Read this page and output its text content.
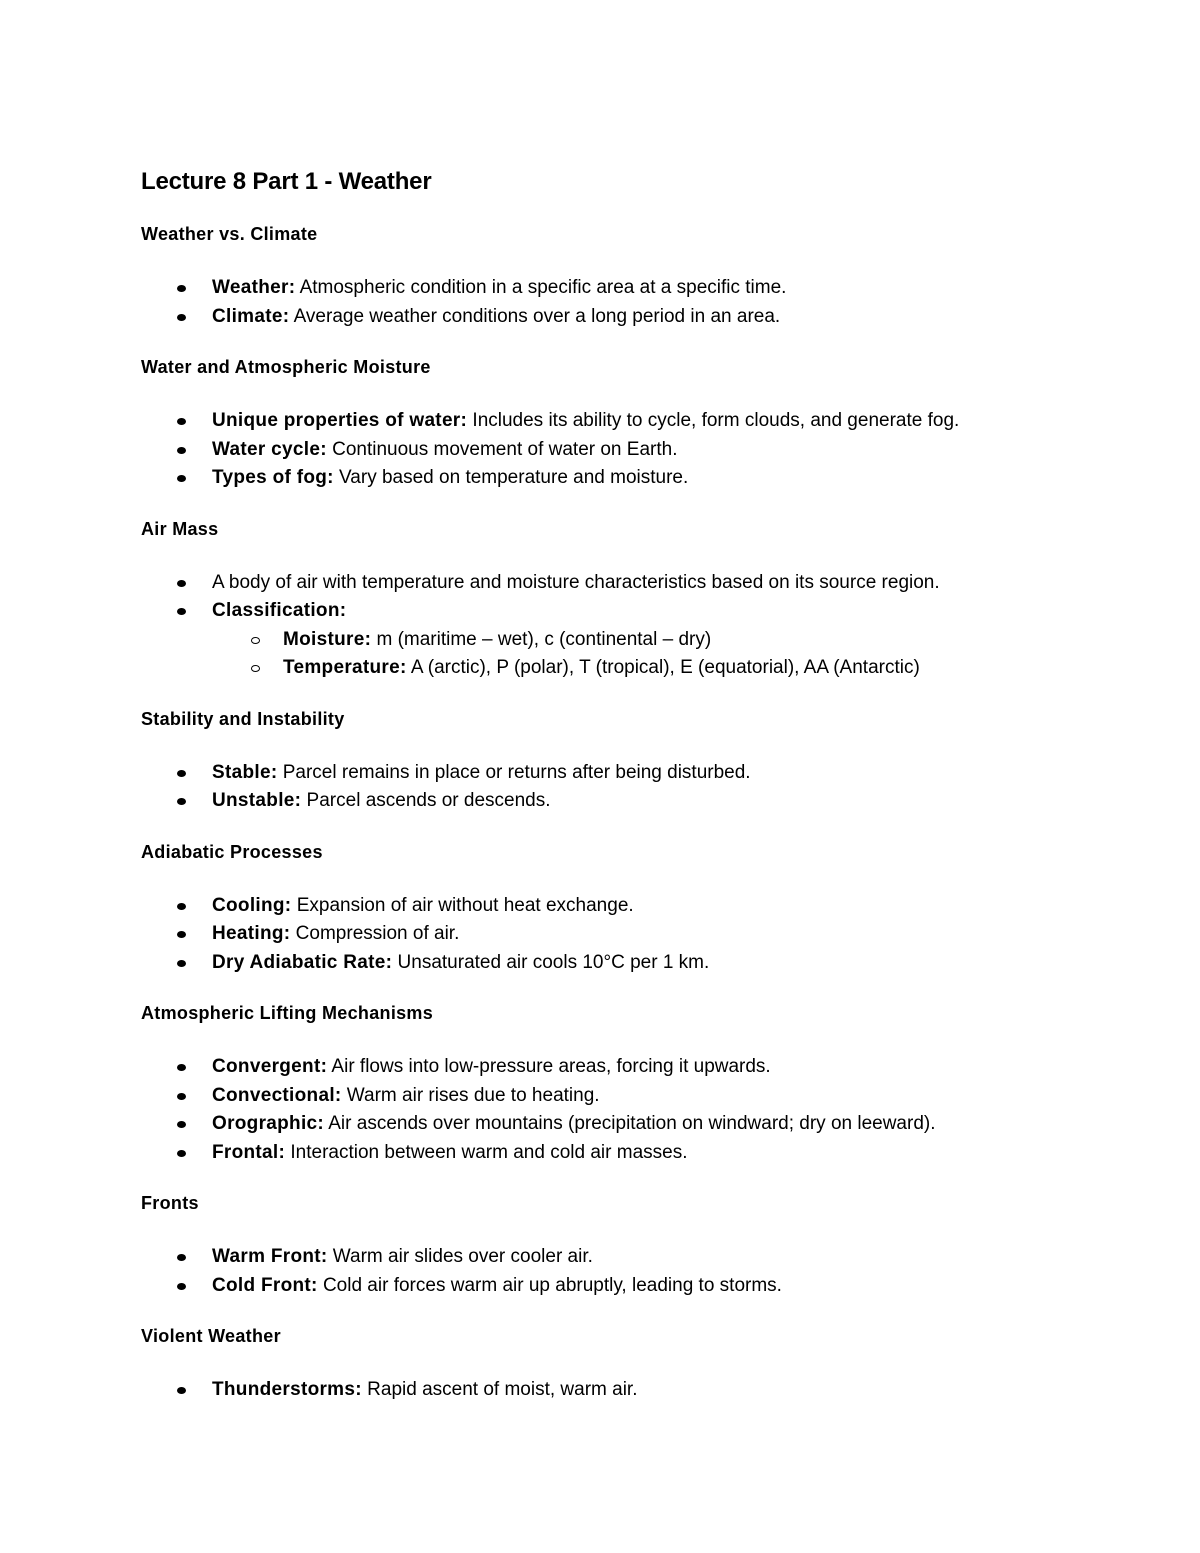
Lecture 8 Part 1 - Weather
Weather vs. Climate
Weather: Atmospheric condition in a specific area at a specific time.
Climate: Average weather conditions over a long period in an area.
Water and Atmospheric Moisture
Unique properties of water: Includes its ability to cycle, form clouds, and generate fog.
Water cycle: Continuous movement of water on Earth.
Types of fog: Vary based on temperature and moisture.
Air Mass
A body of air with temperature and moisture characteristics based on its source region.
Classification:
Moisture: m (maritime – wet), c (continental – dry)
Temperature: A (arctic), P (polar), T (tropical), E (equatorial), AA (Antarctic)
Stability and Instability
Stable: Parcel remains in place or returns after being disturbed.
Unstable: Parcel ascends or descends.
Adiabatic Processes
Cooling: Expansion of air without heat exchange.
Heating: Compression of air.
Dry Adiabatic Rate: Unsaturated air cools 10°C per 1 km.
Atmospheric Lifting Mechanisms
Convergent: Air flows into low-pressure areas, forcing it upwards.
Convectional: Warm air rises due to heating.
Orographic: Air ascends over mountains (precipitation on windward; dry on leeward).
Frontal: Interaction between warm and cold air masses.
Fronts
Warm Front: Warm air slides over cooler air.
Cold Front: Cold air forces warm air up abruptly, leading to storms.
Violent Weather
Thunderstorms: Rapid ascent of moist, warm air.
